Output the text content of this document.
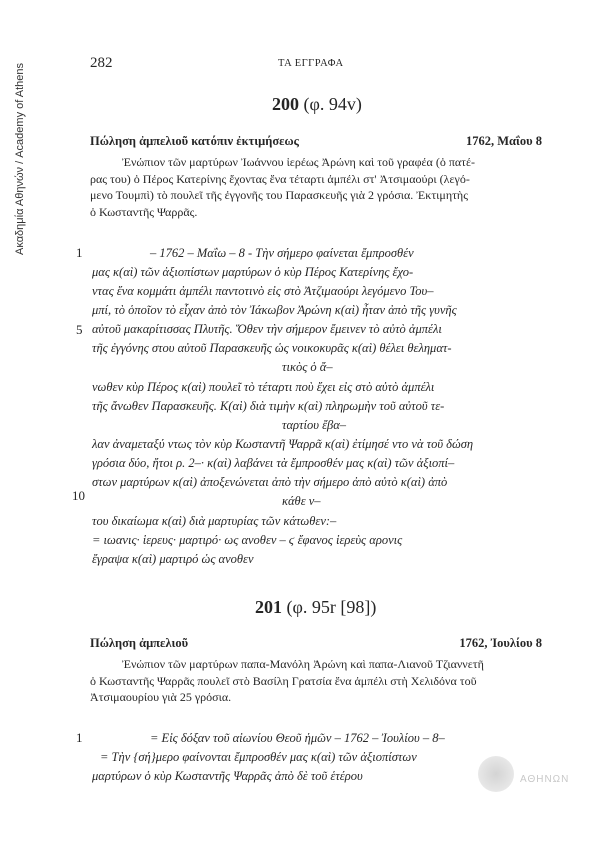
Ακαδημία Αθηνών / Academy of Athens	282	ΤΑ ΕΓΓΡΑΦΑ
200 (φ. 94v)
Πώληση ἀμπελιοῦ κατόπιν ἐκτιμήσεως	1762, Μαΐου 8

Ἐνώπιον τῶν μαρτύρων Ἰωάννου ἱερέως Ἀρώνη καὶ τοῦ γραφέα (ὁ πατέ-

ρας του) ὁ Πέρος Κατερίνης ἔχοντας ἕνα τέταρτι ἀμπέλι στ' Ἀτσιμαούρι (λεγό-

μενο Τουμπὶ) τὸ πουλεῖ τῆς ἐγγονῆς του Παρασκευῆς γιὰ 2 γρόσια. Ἐκτιμητὴς

ὁ Κωσταντῆς Ψαρρᾶς.

1
5
10
– 1762 – Μαΐω – 8 - Τὴν σήμερο φαίνεται ἔμπροσθέν
μας κ(αὶ) τῶν ἀξιοπίστων μαρτύρων ὁ κὺρ Πέρος Κατερίνης ἔχο-
ντας ἕνα κομμάτι ἀμπέλι παντοτινὸ εἰς στὸ Ἀτζιμαούρι λεγόμενο Του–
μπί, τὸ ὁποῖον τὸ εἶχαν ἀπὸ τὸν Ἰάκωβον Ἀρώνη κ(αὶ) ἦταν ἀπὸ τῆς γυνῆς
αὐτοῦ μακαρίτισσας Πλυτῆς. Ὅθεν τὴν σήμερον ἔμεινεν τὸ αὐτὸ ἀμπέλι
τῆς ἐγγόνης στου αὐτοῦ Παρασκευῆς ὡς νοικοκυρᾶς κ(αὶ) θέλει θεληματ-
τικὸς ὁ ἄ–
νωθεν κὺρ Πέρος κ(αὶ) πουλεῖ τὸ τέταρτι ποὺ ἔχει εἰς στὸ αὐτὸ ἀμπέλι
τῆς ἄνωθεν Παρασκευῆς. Κ(αὶ) διὰ τιμὴν κ(αὶ) πληρωμὴν τοῦ αὐτοῦ τε-
ταρτίου ἔβα–
λαν ἀναμεταξύ ντως τὸν κὺρ Κωσταντῆ Ψαρρᾶ κ(αὶ) ἐτίμησέ ντο νὰ τοῦ δώση
γρόσια δύο, ἤτοι ρ. 2–· κ(αὶ) λαβάνει τὰ ἔμπροσθέν μας κ(αὶ) τῶν ἀξιοπί–
στων μαρτύρων κ(αὶ) ἀποξενώνεται ἀπὸ τὴν σήμερο ἀπὸ αὐτὸ κ(αὶ) ἀπὸ
κάθε ν–
του δικαίωμα κ(αὶ) διὰ μαρτυρίας τῶν κάτωθεν:–
= ιωανις· ἱερευς· μαρτιρό· ως ανοθεν – ϛ ἔφανος ἱερεὺς αρονις
ἔγραψα κ(αὶ) μαρτιρό ὡς ανοθεν
201 (φ. 95r [98])
Πώληση ἀμπελιοῦ	1762, Ἰουλίου 8

Ἐνώπιον τῶν μαρτύρων παπα-Μανόλη Ἀρώνη καὶ παπα-Λιανοῦ Τζιαννετῆ

ὁ Κωσταντῆς Ψαρρᾶς πουλεῖ στὸ Βασίλη Γρατσία ἕνα ἀμπέλι στὴ Χελιδόνα τοῦ

Ἀτσιμαουρίου γιὰ 25 γρόσια.

1	= Εἰς δόξαν τοῦ αἰωνίου Θεοῦ ἡμῶν – 1762 – Ἰουλίου – 8–
= Τὴν {σή}μερο φαίνονται ἔμπροσθέν μας κ(αὶ) τῶν ἀξιοπίστων
μαρτύρων ὁ κὺρ Κωσταντῆς Ψαρρᾶς ἀπὸ δὲ τοῦ ἑτέρου	ΑΘΗΝΩΝ
